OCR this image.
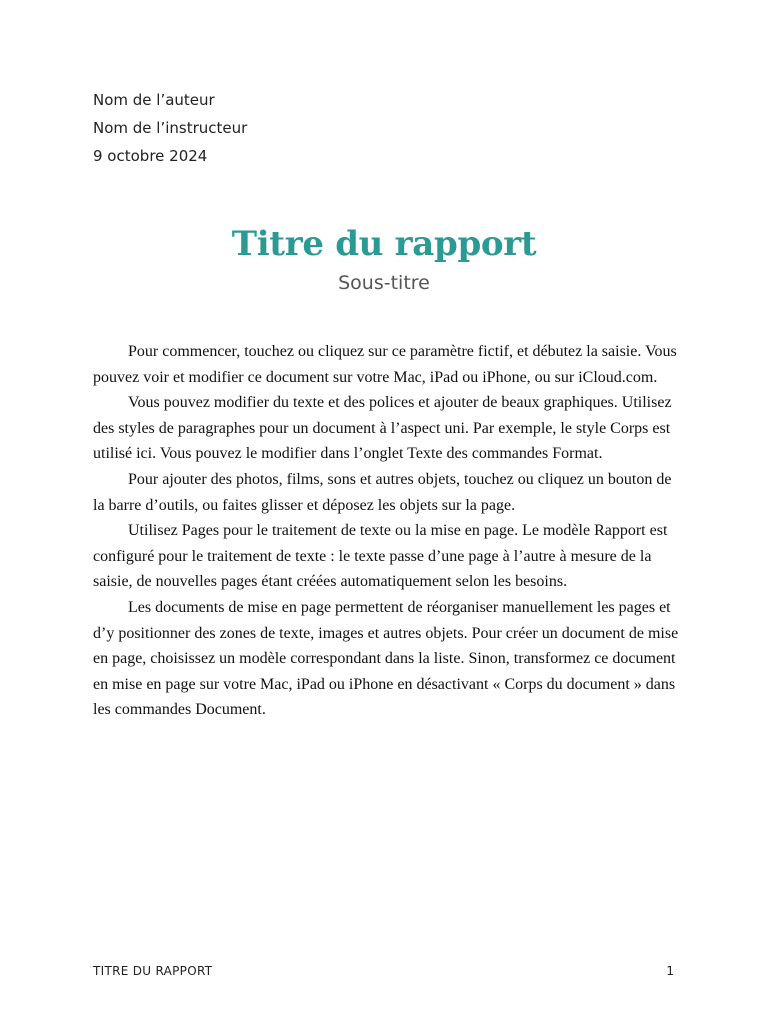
Nom de l’auteur
Nom de l’instructeur
9 octobre 2024
Titre du rapport
Sous-titre

Pour commencer, touchez ou cliquez sur ce paramètre fictif, et débutez la saisie. Vous pouvez voir et modifier ce document sur votre Mac, iPad ou iPhone, ou sur iCloud.com.

Vous pouvez modifier du texte et des polices et ajouter de beaux graphiques. Utilisez des styles de paragraphes pour un document à l’aspect uni. Par exemple, le style Corps est utilisé ici. Vous pouvez le modifier dans l’onglet Texte des commandes Format.

Pour ajouter des photos, films, sons et autres objets, touchez ou cliquez un bouton de la barre d’outils, ou faites glisser et déposez les objets sur la page.

Utilisez Pages pour le traitement de texte ou la mise en page. Le modèle Rapport est configuré pour le traitement de texte : le texte passe d’une page à l’autre à mesure de la saisie, de nouvelles pages étant créées automatiquement selon les besoins.

Les documents de mise en page permettent de réorganiser manuellement les pages et d’y positionner des zones de texte, images et autres objets. Pour créer un document de mise en page, choisissez un modèle correspondant dans la liste. Sinon, transformez ce document en mise en page sur votre Mac, iPad ou iPhone en désactivant « Corps du document » dans les commandes Document.

TITRE DU RAPPORT	1
